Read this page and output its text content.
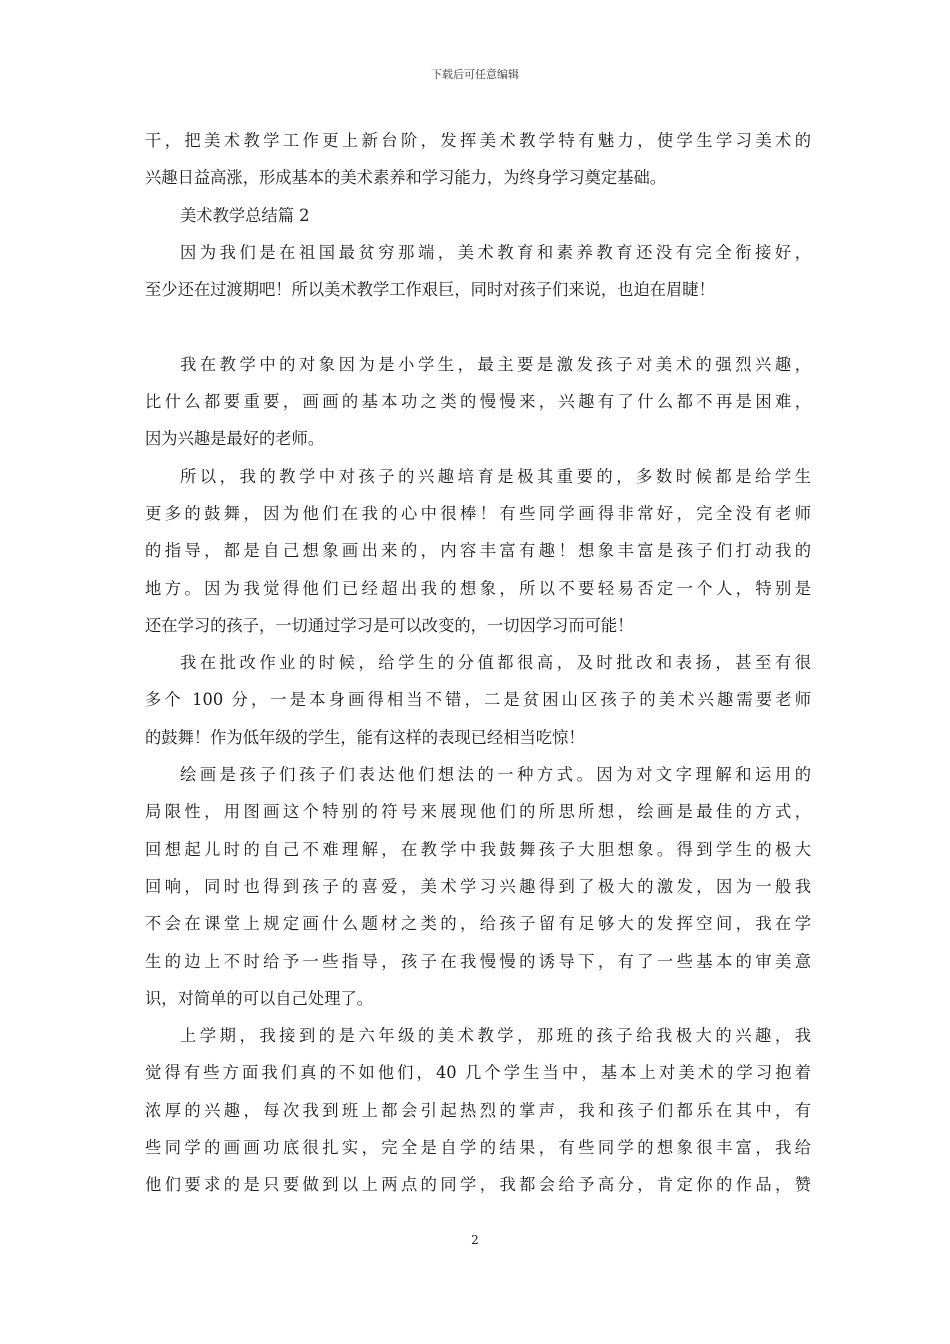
下载后可任意编辑
干，把美术教学工作更上新台阶，发挥美术教学特有魅力，使学生学习美术的
兴趣日益高涨，形成基本的美术素养和学习能力，为终身学习奠定基础。
美术教学总结篇 2
因为我们是在祖国最贫穷那端，美术教育和素养教育还没有完全衔接好，
至少还在过渡期吧！所以美术教学工作艰巨，同时对孩子们来说，也迫在眉睫！
我在教学中的对象因为是小学生，最主要是激发孩子对美术的强烈兴趣，
比什么都要重要，画画的基本功之类的慢慢来，兴趣有了什么都不再是困难，
因为兴趣是最好的老师。
所以，我的教学中对孩子的兴趣培育是极其重要的，多数时候都是给学生
更多的鼓舞，因为他们在我的心中很棒！有些同学画得非常好，完全没有老师
的指导，都是自己想象画出来的，内容丰富有趣！想象丰富是孩子们打动我的
地方。因为我觉得他们已经超出我的想象，所以不要轻易否定一个人，特别是
还在学习的孩子，一切通过学习是可以改变的，一切因学习而可能！
我在批改作业的时候，给学生的分值都很高，及时批改和表扬，甚至有很
多个 100 分，一是本身画得相当不错，二是贫困山区孩子的美术兴趣需要老师
的鼓舞！作为低年级的学生，能有这样的表现已经相当吃惊！
绘画是孩子们孩子们表达他们想法的一种方式。因为对文字理解和运用的
局限性，用图画这个特别的符号来展现他们的所思所想，绘画是最佳的方式，
回想起儿时的自己不难理解，在教学中我鼓舞孩子大胆想象。得到学生的极大
回响，同时也得到孩子的喜爱，美术学习兴趣得到了极大的激发，因为一般我
不会在课堂上规定画什么题材之类的，给孩子留有足够大的发挥空间，我在学
生的边上不时给予一些指导，孩子在我慢慢的诱导下，有了一些基本的审美意
识，对简单的可以自己处理了。
上学期，我接到的是六年级的美术教学，那班的孩子给我极大的兴趣，我
觉得有些方面我们真的不如他们，40 几个学生当中，基本上对美术的学习抱着
浓厚的兴趣，每次我到班上都会引起热烈的掌声，我和孩子们都乐在其中，有
些同学的画画功底很扎实，完全是自学的结果，有些同学的想象很丰富，我给
他们要求的是只要做到以上两点的同学，我都会给予高分，肯定你的作品，赞
2
